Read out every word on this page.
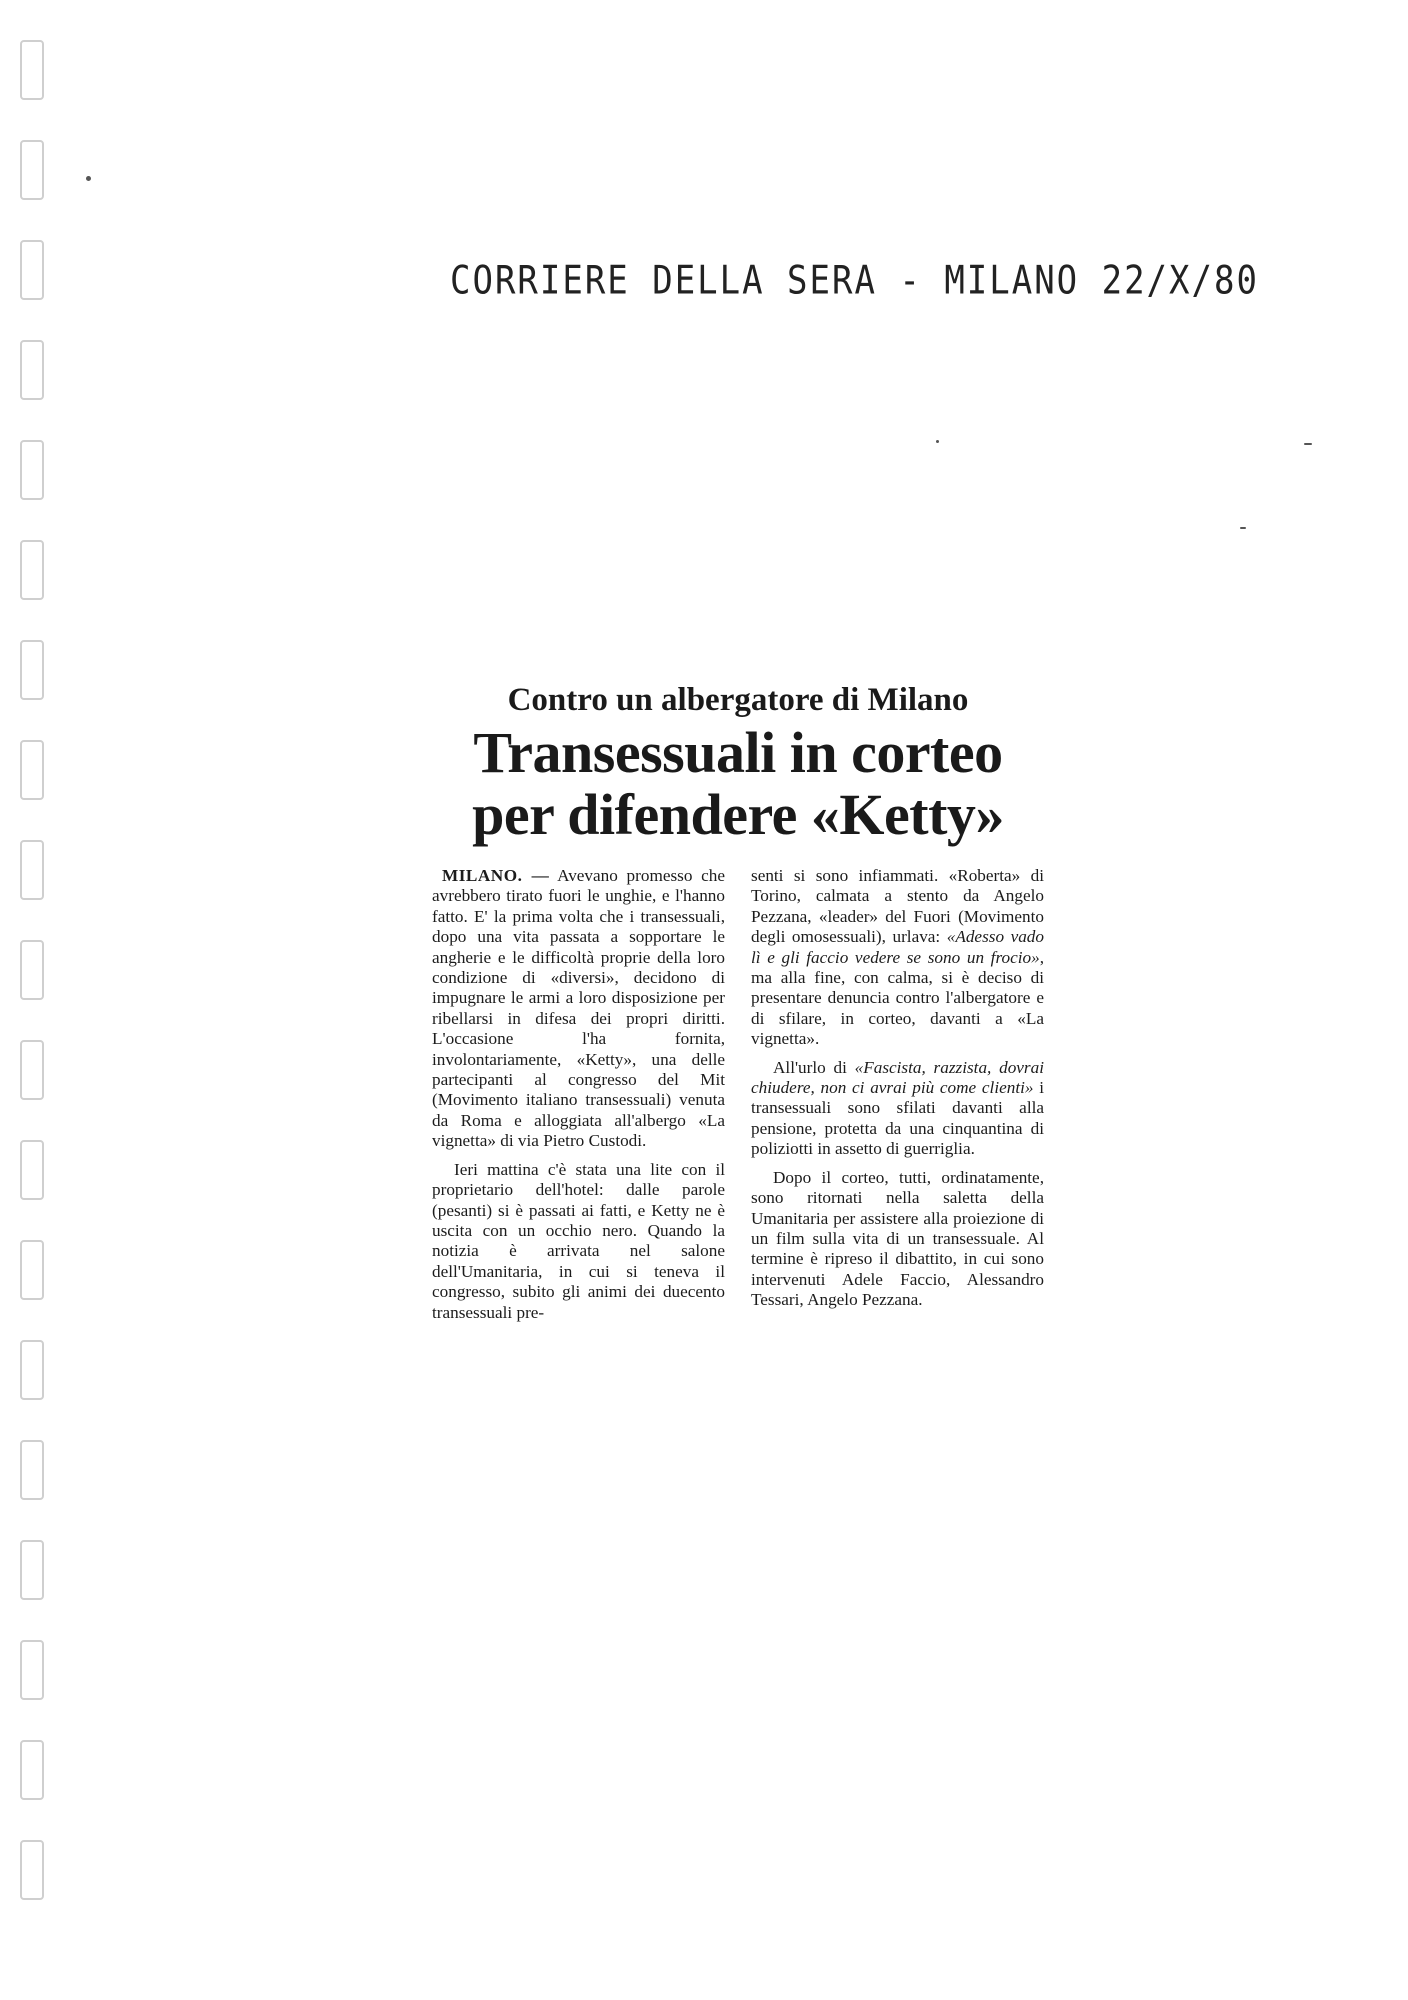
CORRIERE DELLA SERA - MILANO 22/X/80
Contro un albergatore di Milano
Transessuali in corteo
per difendere «Ketty»

MILANO. — Avevano promesso che avrebbero tirato fuori le unghie, e l'hanno fatto. E' la prima volta che i transessuali, dopo una vita passata a sopportare le angherie e le difficoltà proprie della loro condizione di «diversi», decidono di impugnare le armi a loro disposizione per ribellarsi in difesa dei propri diritti. L'occasione l'ha fornita, involontariamente, «Ketty», una delle partecipanti al congresso del Mit (Movimento italiano transessuali) venuta da Roma e alloggiata all'albergo «La vignetta» di via Pietro Custodi.

Ieri mattina c'è stata una lite con il proprietario dell'hotel: dalle parole (pesanti) si è passati ai fatti, e Ketty ne è uscita con un occhio nero. Quando la notizia è arrivata nel salone dell'Umanitaria, in cui si teneva il congresso, subito gli animi dei duecento transessuali pre-

senti si sono infiammati. «Roberta» di Torino, calmata a stento da Angelo Pezzana, «leader» del Fuori (Movimento degli omosessuali), urlava: «Adesso vado lì e gli faccio vedere se sono un frocio», ma alla fine, con calma, si è deciso di presentare denuncia contro l'albergatore e di sfilare, in corteo, davanti a «La vignetta».

All'urlo di «Fascista, razzista, dovrai chiudere, non ci avrai più come clienti» i transessuali sono sfilati davanti alla pensione, protetta da una cinquantina di poliziotti in assetto di guerriglia.

Dopo il corteo, tutti, ordinatamente, sono ritornati nella saletta della Umanitaria per assistere alla proiezione di un film sulla vita di un transessuale. Al termine è ripreso il dibattito, in cui sono intervenuti Adele Faccio, Alessandro Tessari, Angelo Pezzana.
